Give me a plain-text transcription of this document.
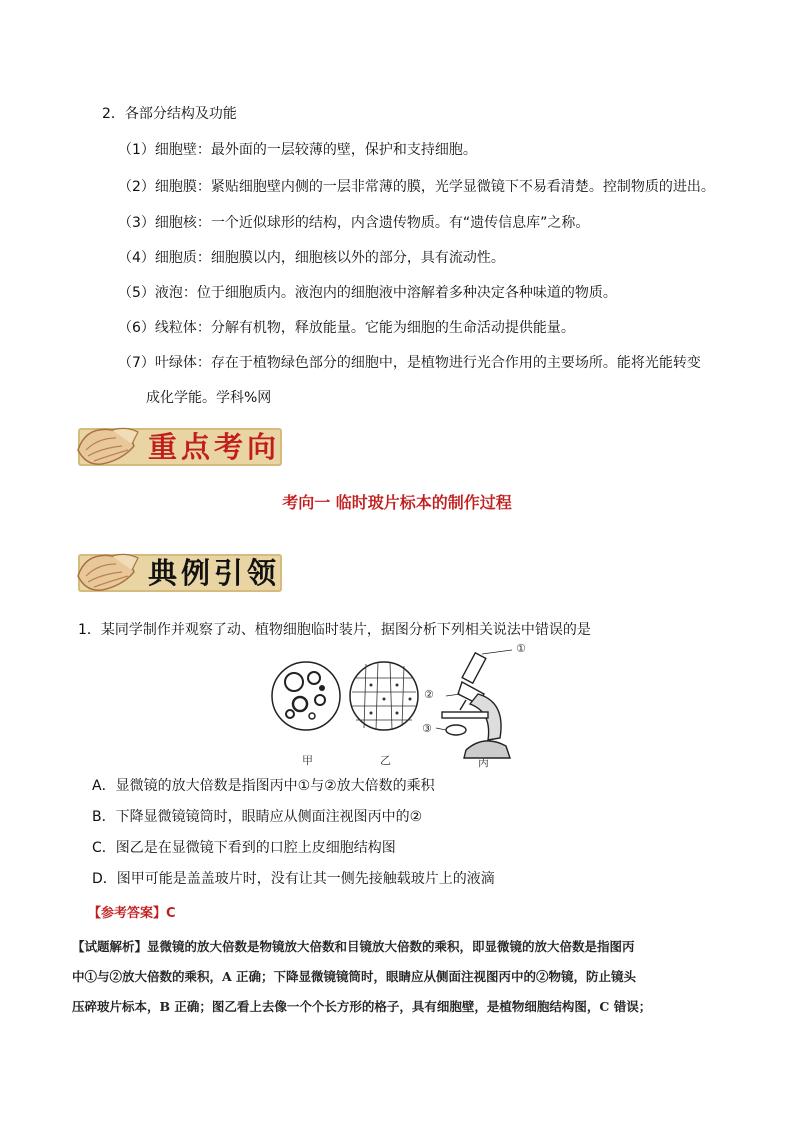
2．各部分结构及功能
（1）细胞壁：最外面的一层较薄的壁，保护和支持细胞。
（2）细胞膜：紧贴细胞壁内侧的一层非常薄的膜，光学显微镜下不易看清楚。控制物质的进出。
（3）细胞核：一个近似球形的结构，内含遗传物质。有“遗传信息库”之称。
（4）细胞质：细胞膜以内，细胞核以外的部分，具有流动性。
（5）液泡：位于细胞质内。液泡内的细胞液中溶解着多种决定各种味道的物质。
（6）线粒体：分解有机物，释放能量。它能为细胞的生命活动提供能量。
（7）叶绿体：存在于植物绿色部分的细胞中，是植物进行光合作用的主要场所。能将光能转变
成化学能。学科%网
重点考向
考向一 临时玻片标本的制作过程
典例引领
1．某同学制作并观察了动、植物细胞临时装片，据图分析下列相关说法中错误的是
①
②
③
甲	乙	丙
A．显微镜的放大倍数是指图丙中①与②放大倍数的乘积
B．下降显微镜镜筒时，眼睛应从侧面注视图丙中的②
C．图乙是在显微镜下看到的口腔上皮细胞结构图
D．图甲可能是盖盖玻片时，没有让其一侧先接触载玻片上的液滴
【参考答案】C
【试题解析】显微镜的放大倍数是物镜放大倍数和目镜放大倍数的乘积，即显微镜的放大倍数是指图丙
中①与②放大倍数的乘积，A 正确；下降显微镜镜筒时，眼睛应从侧面注视图丙中的②物镜，防止镜头
压碎玻片标本，B 正确；图乙看上去像一个个长方形的格子，具有细胞壁，是植物细胞结构图，C 错误；
